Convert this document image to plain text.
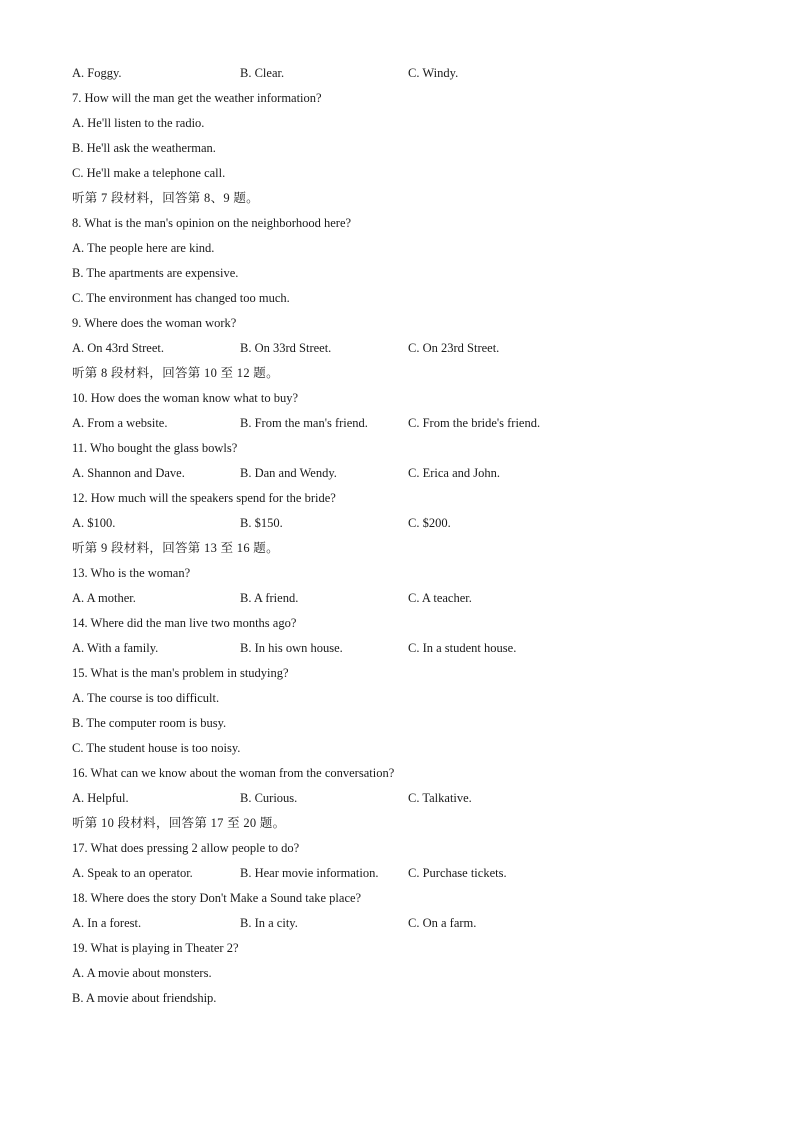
A. Foggy.	B. Clear.	C. Windy.
7. How will the man get the weather information?
A. He'll listen to the radio.
B. He'll ask the weatherman.
C. He'll make a telephone call.
听第 7 段材料，回答第 8、9 题。
8. What is the man's opinion on the neighborhood here?
A. The people here are kind.
B. The apartments are expensive.
C. The environment has changed too much.
9. Where does the woman work?
A. On 43rd Street.	B. On 33rd Street.	C. On 23rd Street.
听第 8 段材料，回答第 10 至 12 题。
10. How does the woman know what to buy?
A. From a website.	B. From the man's friend.	C. From the bride's friend.
11. Who bought the glass bowls?
A. Shannon and Dave.	B. Dan and Wendy.	C. Erica and John.
12. How much will the speakers spend for the bride?
A. $100.	B. $150.	C. $200.
听第 9 段材料，回答第 13 至 16 题。
13. Who is the woman?
A. A mother.	B. A friend.	C. A teacher.
14. Where did the man live two months ago?
A. With a family.	B. In his own house.	C. In a student house.
15. What is the man's problem in studying?
A. The course is too difficult.
B. The computer room is busy.
C. The student house is too noisy.
16. What can we know about the woman from the conversation?
A. Helpful.	B. Curious.	C. Talkative.
听第 10 段材料，回答第 17 至 20 题。
17. What does pressing 2 allow people to do?
A. Speak to an operator.	B. Hear movie information. C. Purchase tickets.
18. Where does the story Don't Make a Sound take place?
A. In a forest.	B. In a city.	C. On a farm.
19. What is playing in Theater 2?
A. A movie about monsters.
B. A movie about friendship.
